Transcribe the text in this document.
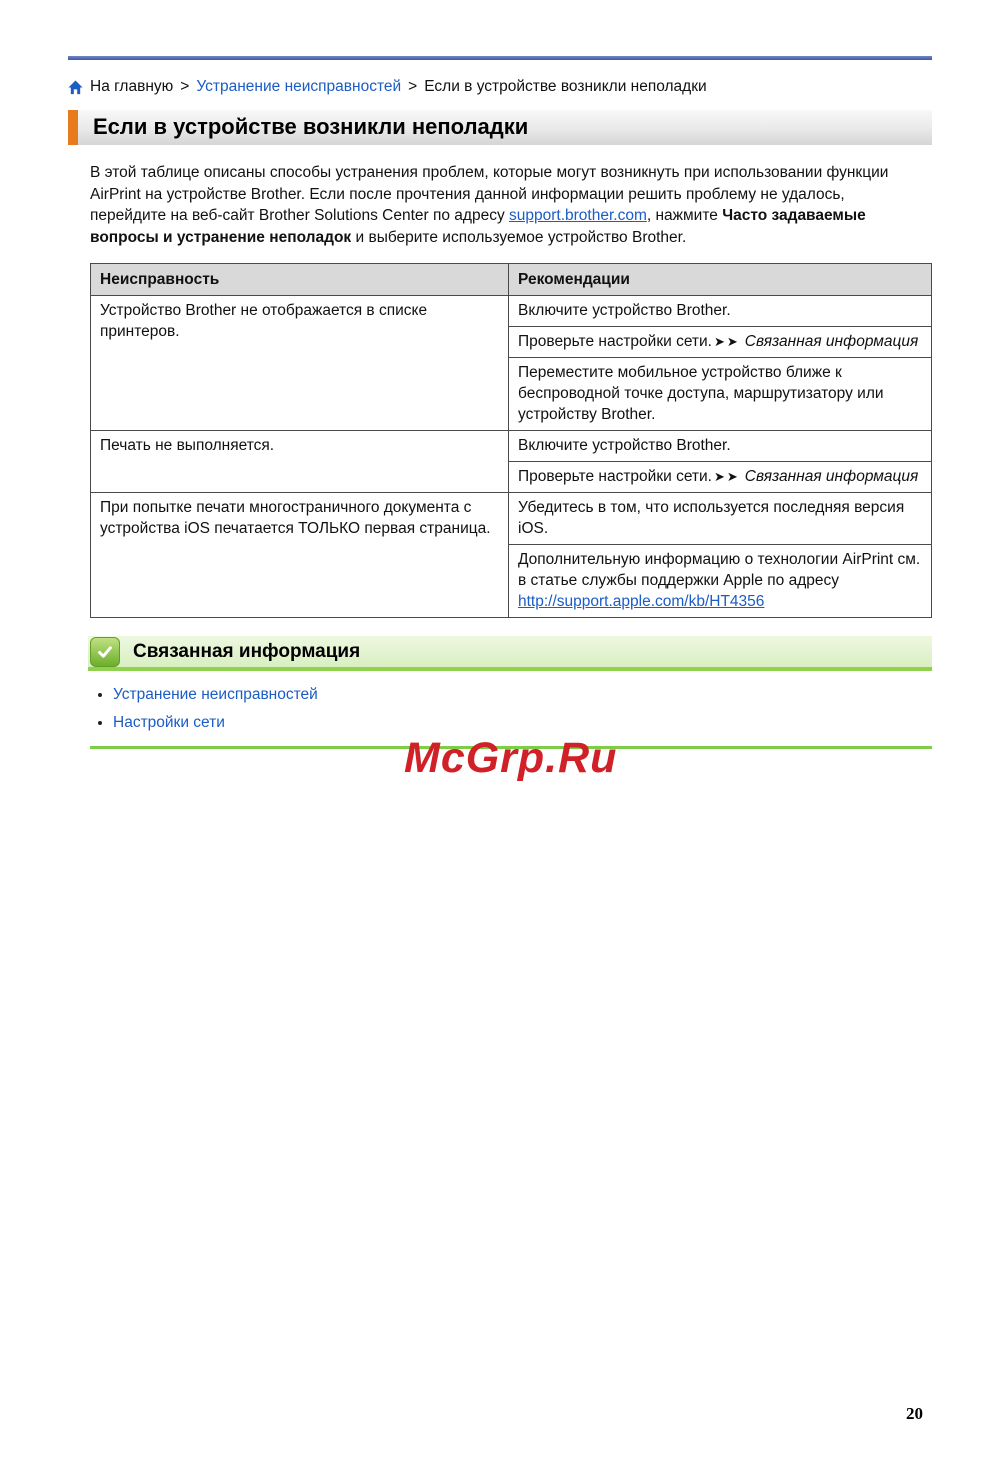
На главную > Устранение неисправностей > Если в устройстве возникли неполадки
Если в устройстве возникли неполадки

В этой таблице описаны способы устранения проблем, которые могут возникнуть при использовании функции AirPrint на устройстве Brother. Если после прочтения данной информации решить проблему не удалось, перейдите на веб-сайт Brother Solutions Center по адресу support.brother.com, нажмите Часто задаваемые вопросы и устранение неполадок и выберите используемое устройство Brother.

Неисправность	Рекомендации
Устройство Brother не отображается в списке принтеров.	Включите устройство Brother.
	Проверьте настройки сети. ➤➤ Связанная информация
	Переместите мобильное устройство ближе к беспроводной точке доступа, маршрутизатору или устройству Brother.
Печать не выполняется.	Включите устройство Brother.
	Проверьте настройки сети. ➤➤ Связанная информация
При попытке печати многостраничного документа с устройства iOS печатается ТОЛЬКО первая страница.	Убедитесь в том, что используется последняя версия iOS.
	Дополнительную информацию о технологии AirPrint см. в статье службы поддержки Apple по адресу http://support.apple.com/kb/HT4356
Связанная информация
Устранение неисправностей
Настройки сети
McGrp.Ru
20
